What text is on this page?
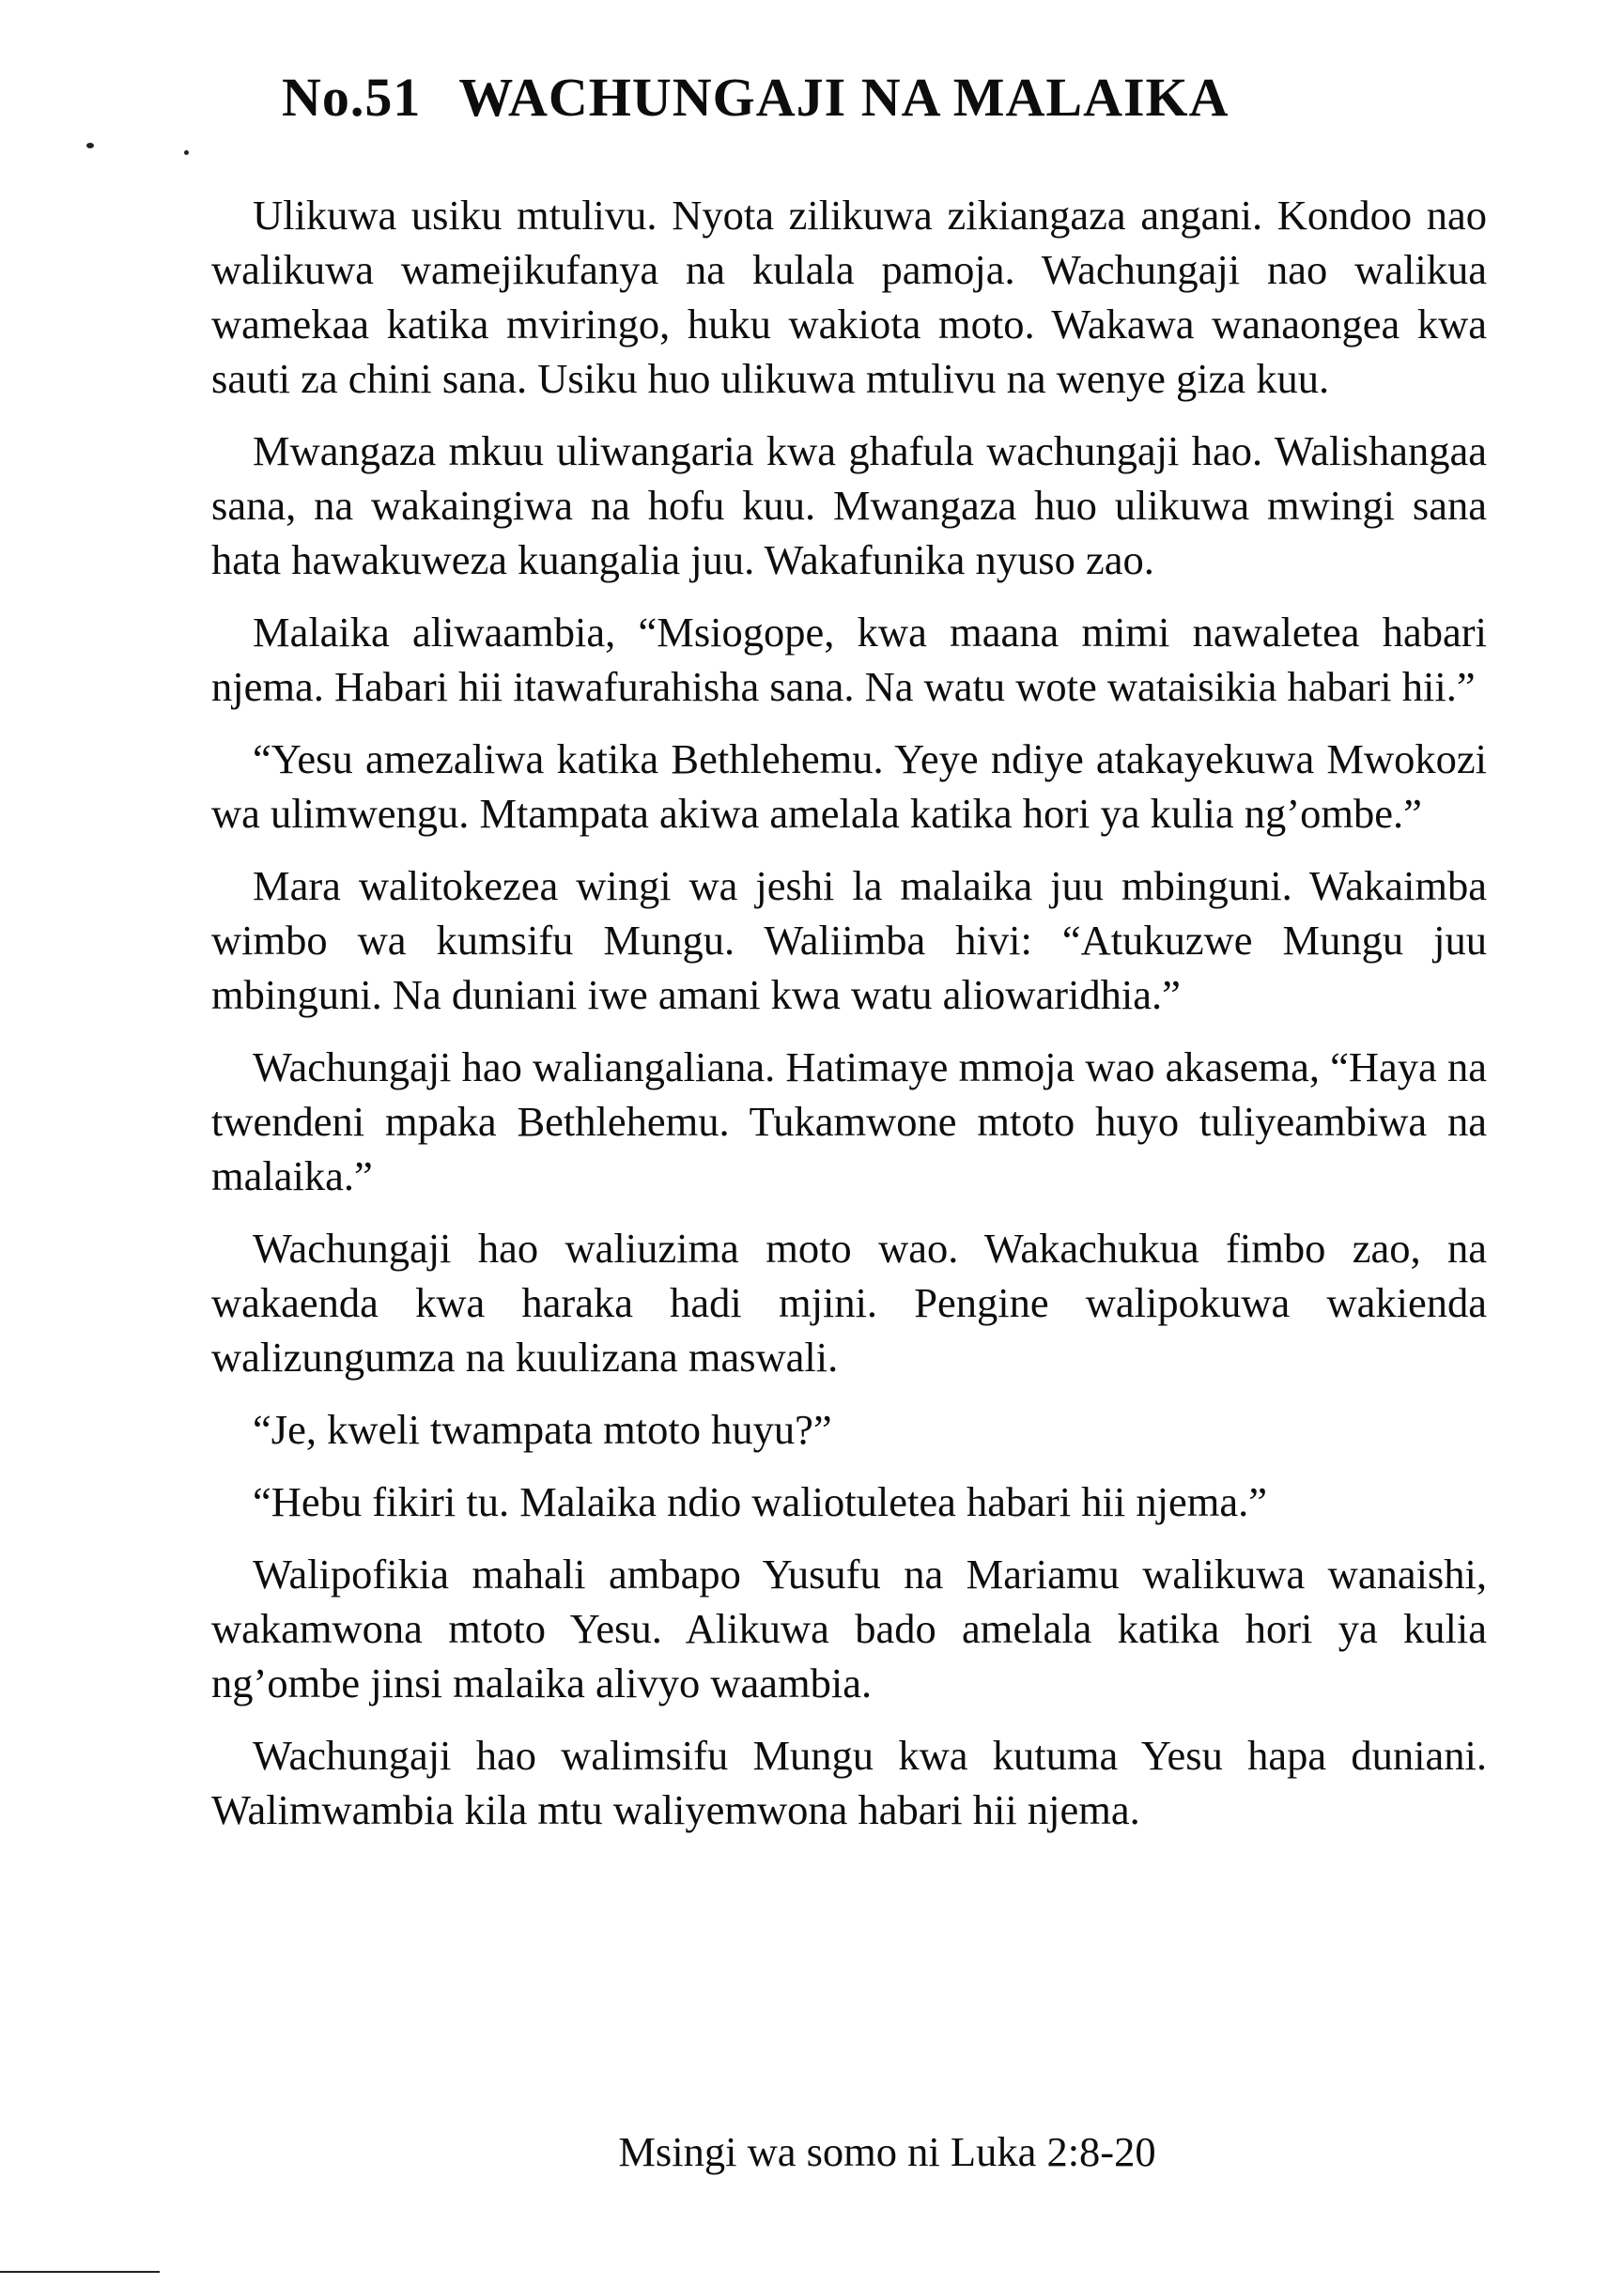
No.51 WACHUNGAJI NA MALAIKA

Ulikuwa usiku mtulivu. Nyota zilikuwa zikiangaza angani. Kondoo nao walikuwa wamejikufanya na kulala pamoja. Wachungaji nao walikua wamekaa katika mviringo, huku wakiota moto. Wakawa wanaongea kwa sauti za chini sana. Usiku huo ulikuwa mtulivu na wenye giza kuu.

Mwangaza mkuu uliwangaria kwa ghafula wachungaji hao. Walishangaa sana, na wakaingiwa na hofu kuu. Mwangaza huo ulikuwa mwingi sana hata hawakuweza kuangalia juu. Wakafunika nyuso zao.

Malaika aliwaambia, “Msiogope, kwa maana mimi nawaletea habari njema. Habari hii itawafurahisha sana. Na watu wote wataisikia habari hii.”

“Yesu amezaliwa katika Bethlehemu. Yeye ndiye atakayekuwa Mwokozi wa ulimwengu. Mtampata akiwa amelala katika hori ya kulia ng’ombe.”

Mara walitokezea wingi wa jeshi la malaika juu mbinguni. Wakaimba wimbo wa kumsifu Mungu. Waliimba hivi: “Atukuzwe Mungu juu mbinguni. Na duniani iwe amani kwa watu aliowaridhia.”

Wachungaji hao waliangaliana. Hatimaye mmoja wao akasema, “Haya na twendeni mpaka Bethlehemu. Tukamwone mtoto huyo tuliyeambiwa na malaika.”

Wachungaji hao waliuzima moto wao. Wakachukua fimbo zao, na wakaenda kwa haraka hadi mjini. Pengine walipokuwa wakienda walizungumza na kuulizana maswali.

“Je, kweli twampata mtoto huyu?”

“Hebu fikiri tu. Malaika ndio waliotuletea habari hii njema.”

Walipofikia mahali ambapo Yusufu na Mariamu walikuwa wanaishi, wakamwona mtoto Yesu. Alikuwa bado amelala katika hori ya kulia ng’ombe jinsi malaika alivyo waambia.

Wachungaji hao walimsifu Mungu kwa kutuma Yesu hapa duniani. Walimwambia kila mtu waliyemwona habari hii njema.

Msingi wa somo ni Luka 2:8-20
